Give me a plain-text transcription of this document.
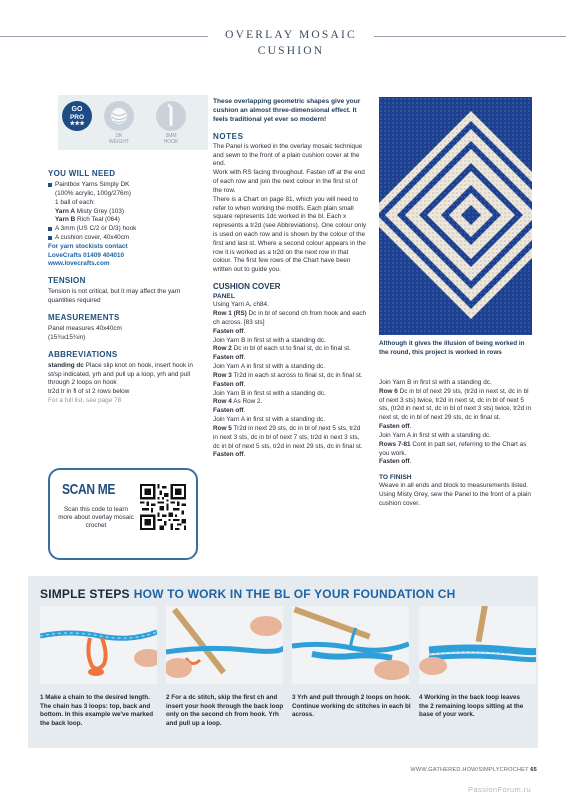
OVERLAY MOSAIC CUSHION
GO
PRO
★★★
DK
WEIGHT
3MM
HOOK
YOU WILL NEED
Paintbox Yarns Simply DK
(100% acrylic, 100g/276m)
1 ball of each:
Yarn A Misty Grey (103)
Yarn B Rich Teal (064)
A 3mm (US C/2 or D/3) hook
A cushion cover, 40x40cm
For yarn stockists contact
LoveCrafts 01409 404010
www.lovecrafts.com
TENSION
Tension is not critical, but it may affect the yarn quantities required
MEASUREMENTS
Panel measures 40x40cm
(15¾x15¾in)
ABBREVIATIONS
standing dc Place slip knot on hook, insert hook in st/sp indicated, yrh and pull up a loop, yrh and pull through 2 loops on hook
tr2d tr in fl of st 2 rows below
For a full list, see page 78
SCAN ME
Scan this code to learn more about overlay mosaic crochet

These overlapping geometric shapes give your cushion an almost three-dimensional effect. It feels traditional yet ever so modern!

NOTES

The Panel is worked in the overlay mosaic technique and sewn to the front of a plain cushion cover at the end.

Work with RS facing throughout. Fasten off at the end of each row and join the next colour in the first st of the row.

There is a Chart on page 81, which you will need to refer to when working the motifs. Each plain small square represents 1dc worked in the bl. Each x represents a tr2d (see Abbreviations). One colour only is used on each row and is shown by the colour of the first and last st. Where a second colour appears in the row it is worked as a tr2d on the next row in that colour. The first few rows of the Chart have been written out to guide you.

CUSHION COVER
PANEL

Using Yarn A, ch84.

Row 1 (RS) Dc in bl of second ch from hook and each ch across. [83 sts]

Fasten off.

Join Yarn B in first st with a standing dc.

Row 2 Dc in bl of each st to final st, dc in final st.

Fasten off.

Join Yarn A in first st with a standing dc.

Row 3 Tr2d in each st across to final st, dc in final st.

Fasten off.

Join Yarn B in first st with a standing dc.

Row 4 As Row 2.

Fasten off.

Join Yarn A in first st with a standing dc.

Row 5 Tr2d in next 29 sts, dc in bl of next 5 sts, tr2d in next 3 sts, dc in bl of next 7 sts, tr2d in next 3 sts, dc in bl of next 5 sts, tr2d in next 29 sts, dc in final st.

Fasten off.

Although it gives the illusion of being worked in the round, this project is worked in rows

Join Yarn B in first st with a standing dc.

Row 6 Dc in bl of next 29 sts, (tr2d in next st, dc in bl of next 3 sts) twice, tr2d in next st, dc in bl of next 5 sts, (tr2d in next st, dc in bl of next 3 sts) twice, tr2d in next st, dc in bl of next 29 sts, dc in final st.

Fasten off.

Join Yarn A in first st with a standing dc.

Rows 7-81 Cont in patt set, referring to the Chart as you work.

Fasten off.

TO FINISH

Weave in all ends and block to measurements listed.

Using Misty Grey, sew the Panel to the front of a plain cushion cover.

SIMPLE STEPS HOW TO WORK IN THE BL OF YOUR FOUNDATION CH
1 Make a chain to the desired length. The chain has 3 loops: top, back and bottom. In this example we've marked the back loop.
2 For a dc stitch, skip the first ch and insert your hook through the back loop only on the second ch from hook. Yrh and pull up a loop.
3 Yrh and pull through 2 loops on hook. Continue working dc stitches in each bl across.
4 Working in the back loop leaves the 2 remaining loops sitting at the base of your work.
WWW.GATHERED.HOW/SIMPLYCROCHET 65
PassionForum.ru
